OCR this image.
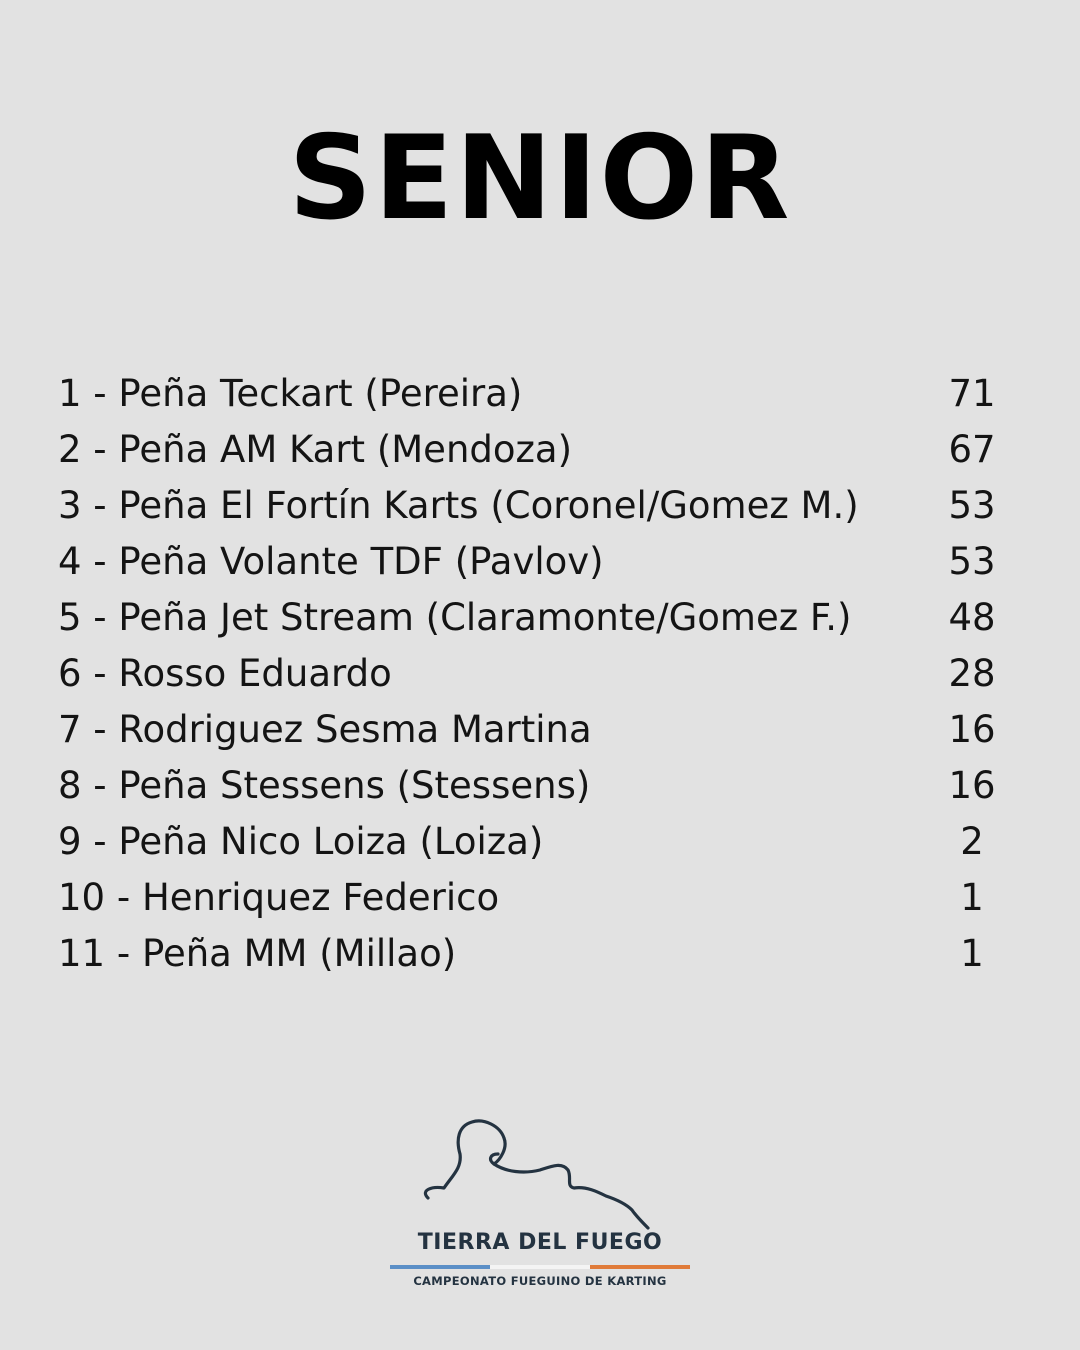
SENIOR
1 - Peña Teckart (Pereira)	71
2 - Peña AM Kart (Mendoza)	67
3 - Peña El Fortín Karts (Coronel/Gomez M.)	53
4 - Peña Volante TDF (Pavlov)	53
5 - Peña Jet Stream (Claramonte/Gomez F.)	48
6 - Rosso Eduardo	28
7 - Rodriguez Sesma Martina	16
8 - Peña Stessens (Stessens)	16
9 - Peña Nico Loiza (Loiza)	2
10 - Henriquez Federico	1
11 - Peña MM (Millao)	1
TIERRA DEL FUEGO
CAMPEONATO FUEGUINO DE KARTING
